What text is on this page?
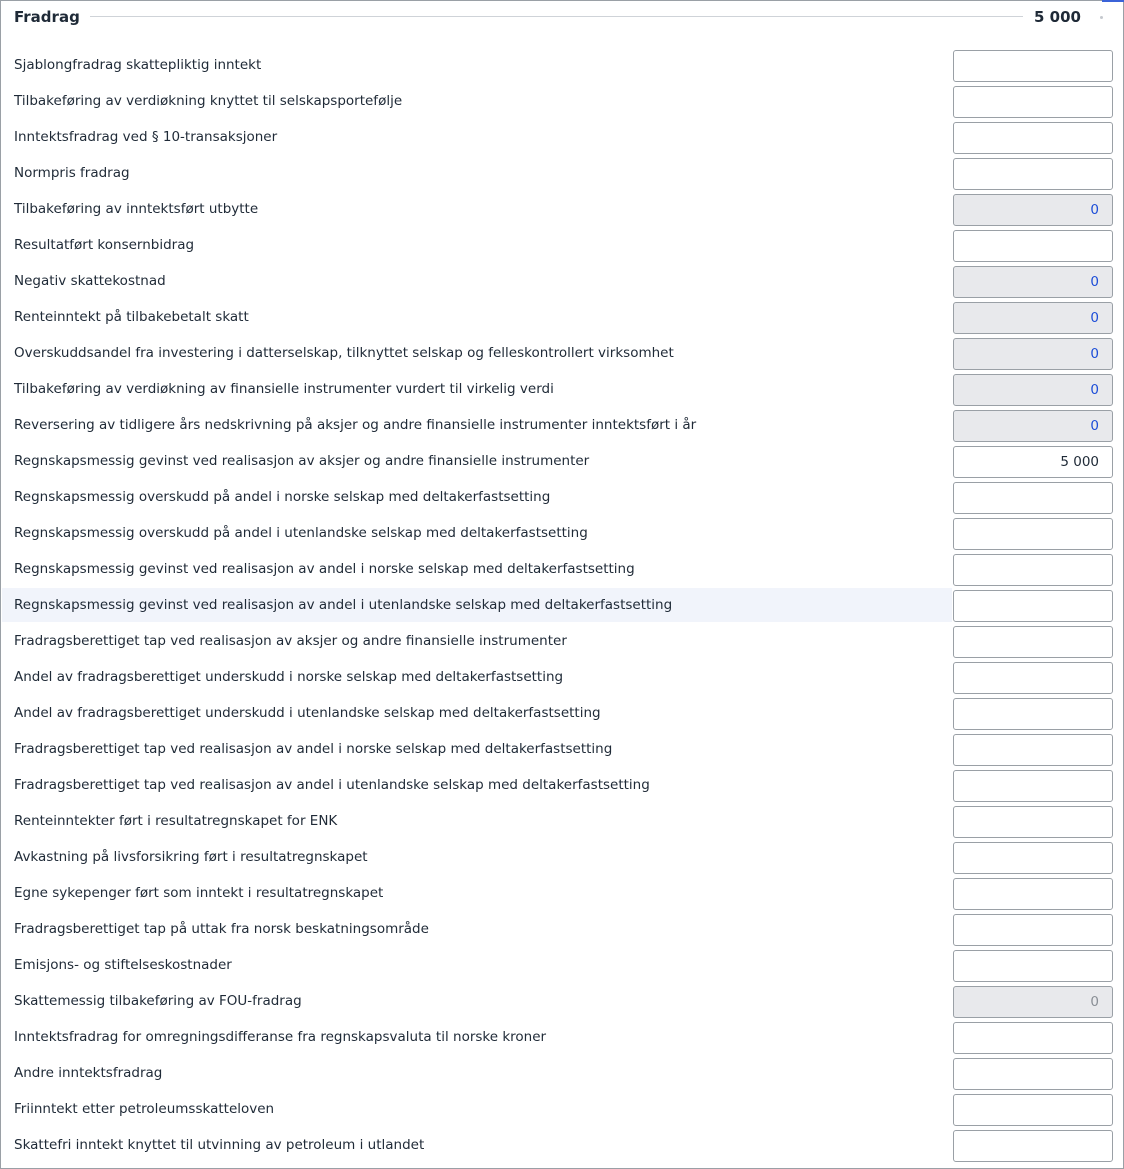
Fradrag	5 000
Sjablongfradrag skattepliktig inntekt
Tilbakeføring av verdiøkning knyttet til selskapsportefølje
Inntektsfradrag ved § 10-transaksjoner
Normpris fradrag
Tilbakeføring av inntektsført utbytte	0
Resultatført konsernbidrag
Negativ skattekostnad	0
Renteinntekt på tilbakebetalt skatt	0
Overskuddsandel fra investering i datterselskap, tilknyttet selskap og felleskontrollert virksomhet	0
Tilbakeføring av verdiøkning av finansielle instrumenter vurdert til virkelig verdi	0
Reversering av tidligere års nedskrivning på aksjer og andre finansielle instrumenter inntektsført i år	0
Regnskapsmessig gevinst ved realisasjon av aksjer og andre finansielle instrumenter	5 000
Regnskapsmessig overskudd på andel i norske selskap med deltakerfastsetting
Regnskapsmessig overskudd på andel i utenlandske selskap med deltakerfastsetting
Regnskapsmessig gevinst ved realisasjon av andel i norske selskap med deltakerfastsetting
Regnskapsmessig gevinst ved realisasjon av andel i utenlandske selskap med deltakerfastsetting
Fradragsberettiget tap ved realisasjon av aksjer og andre finansielle instrumenter
Andel av fradragsberettiget underskudd i norske selskap med deltakerfastsetting
Andel av fradragsberettiget underskudd i utenlandske selskap med deltakerfastsetting
Fradragsberettiget tap ved realisasjon av andel i norske selskap med deltakerfastsetting
Fradragsberettiget tap ved realisasjon av andel i utenlandske selskap med deltakerfastsetting
Renteinntekter ført i resultatregnskapet for ENK
Avkastning på livsforsikring ført i resultatregnskapet
Egne sykepenger ført som inntekt i resultatregnskapet
Fradragsberettiget tap på uttak fra norsk beskatningsområde
Emisjons- og stiftelseskostnader
Skattemessig tilbakeføring av FOU-fradrag	0
Inntektsfradrag for omregningsdifferanse fra regnskapsvaluta til norske kroner
Andre inntektsfradrag
Friinntekt etter petroleumsskatteloven
Skattefri inntekt knyttet til utvinning av petroleum i utlandet
